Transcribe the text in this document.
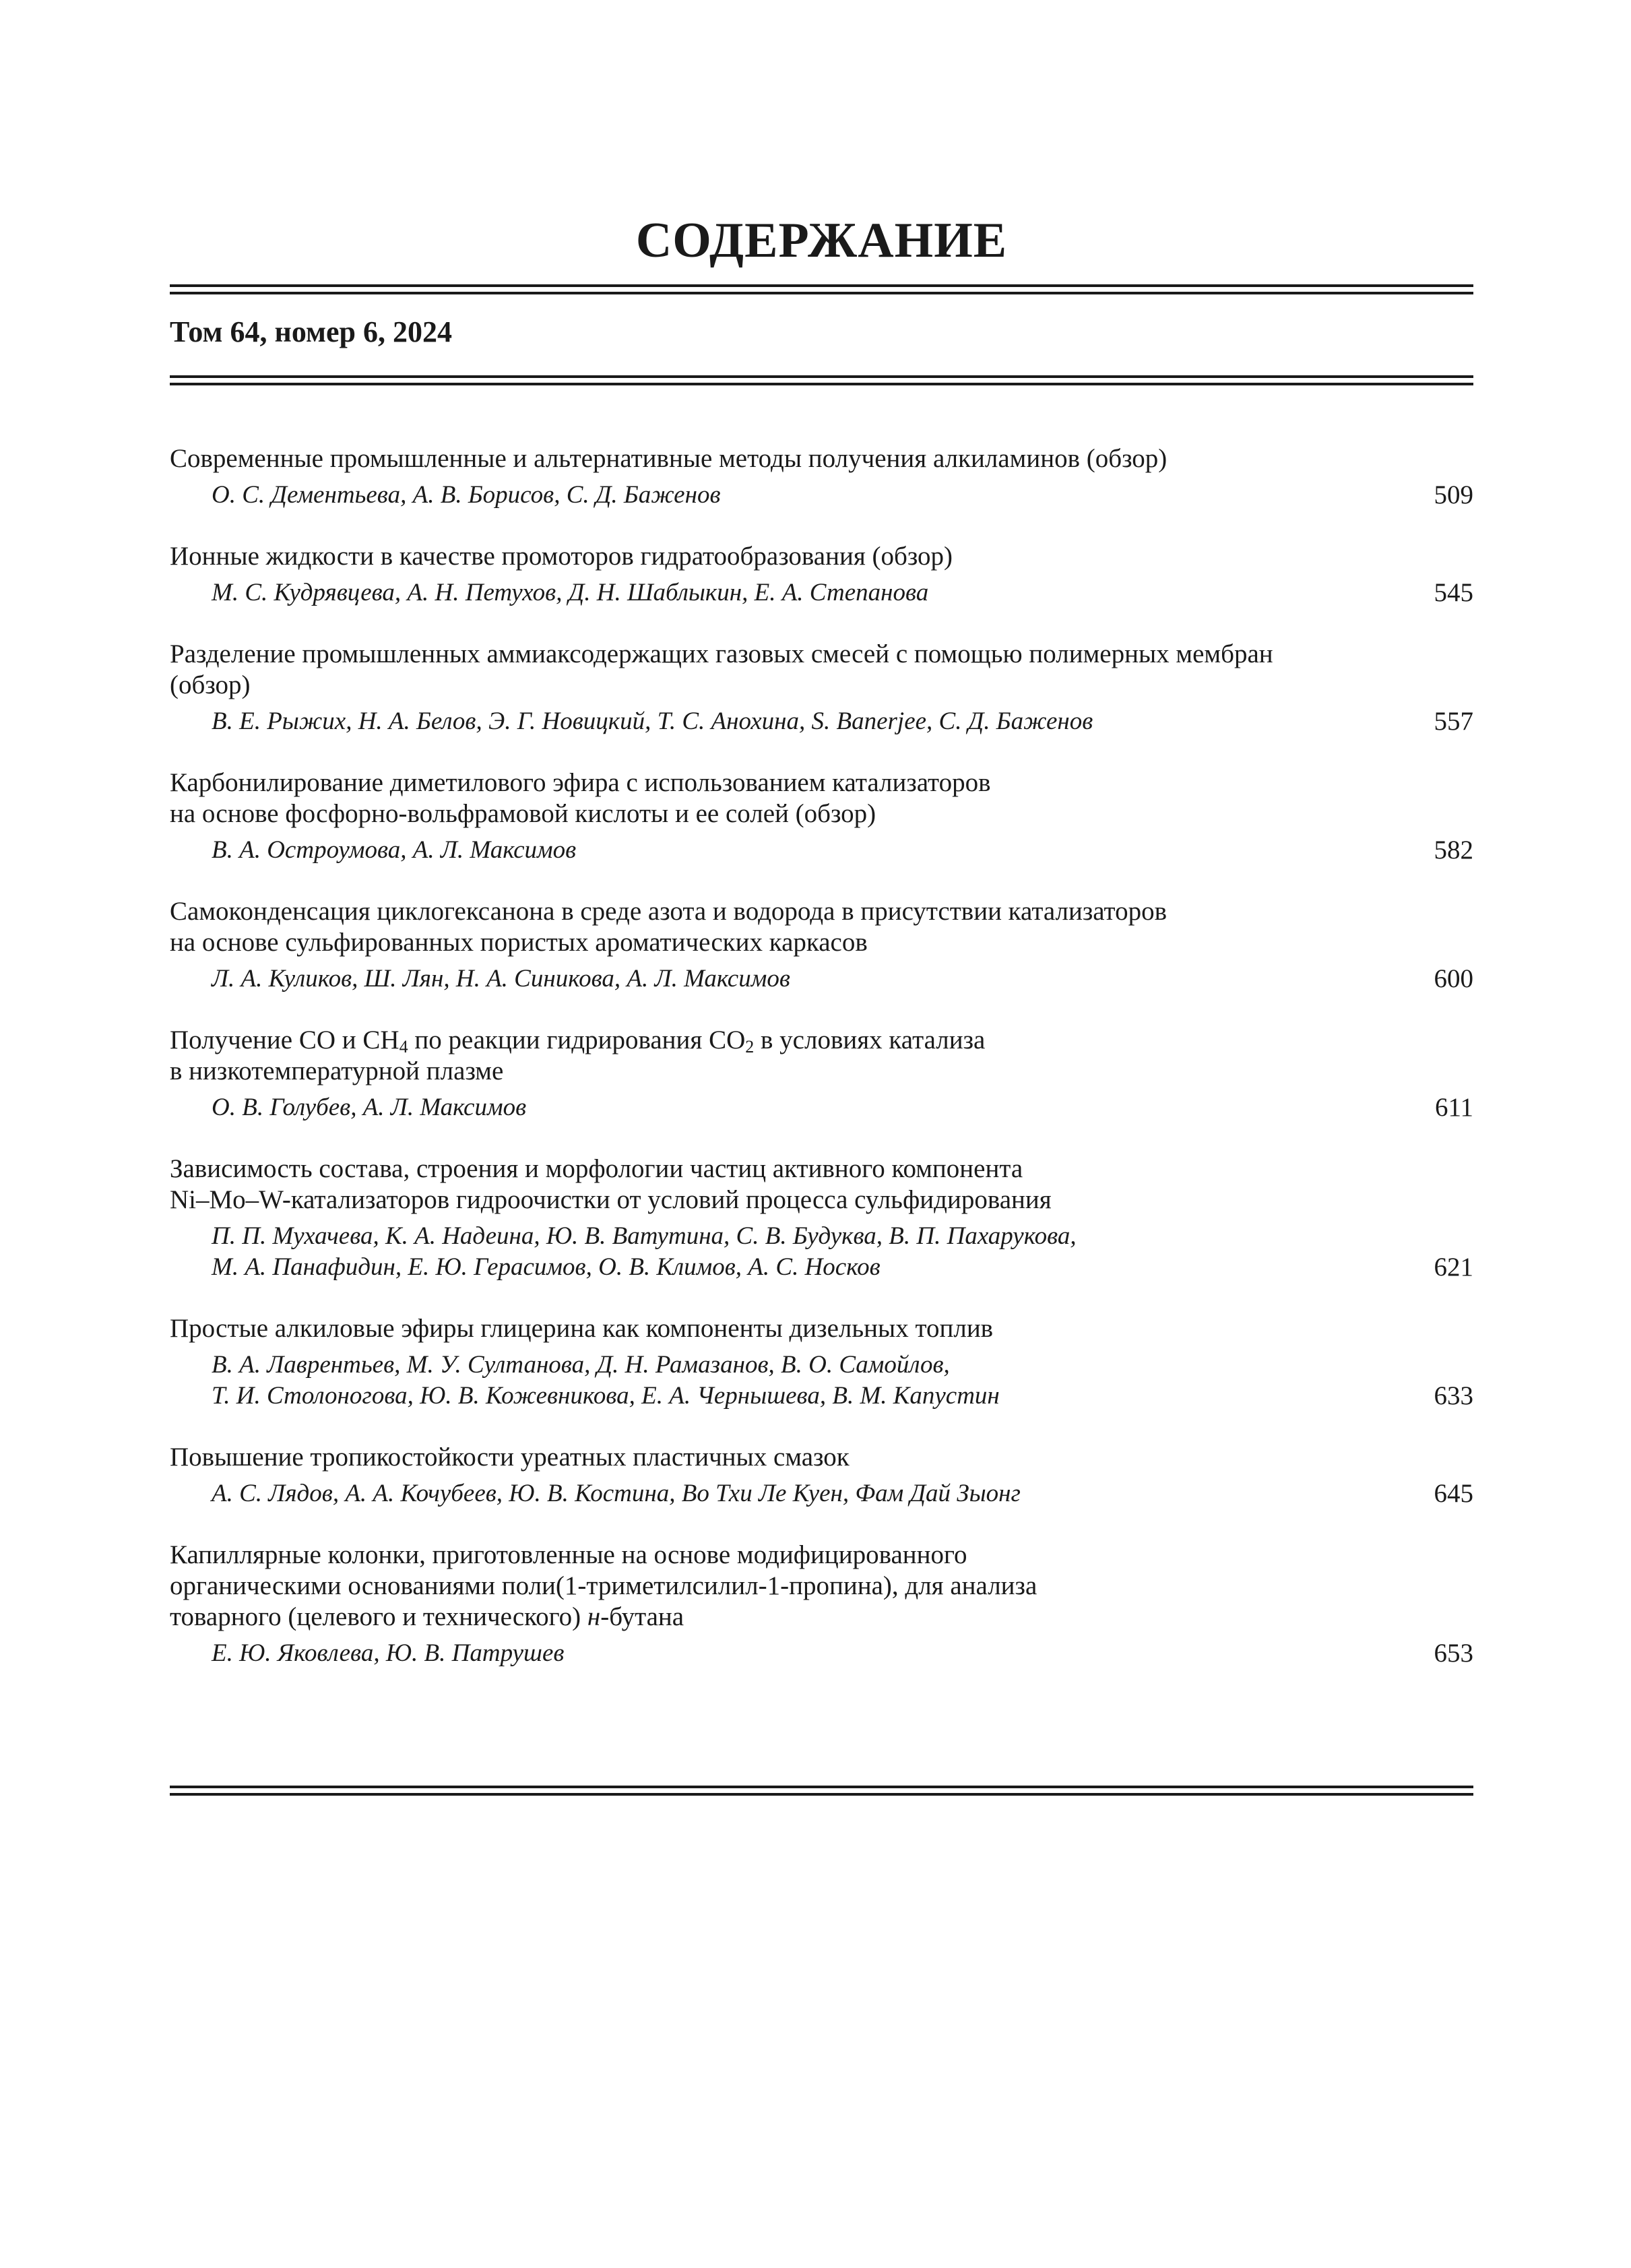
СОДЕРЖАНИЕ
Том 64, номер 6, 2024
Современные промышленные и альтернативные методы получения алкиламинов (обзор)
О. С. Дементьева, А. В. Борисов, С. Д. Баженов	509
Ионные жидкости в качестве промоторов гидратообразования (обзор)
М. С. Кудрявцева, А. Н. Петухов, Д. Н. Шаблыкин, Е. А. Степанова	545
Разделение промышленных аммиаксодержащих газовых смесей с помощью полимерных мембран
(обзор)
В. Е. Рыжих, Н. А. Белов, Э. Г. Новицкий, Т. С. Анохина, S. Banerjee, С. Д. Баженов	557
Карбонилирование диметилового эфира с использованием катализаторов
на основе фосфорно-вольфрамовой кислоты и ее солей (обзор)
В. А. Остроумова, А. Л. Максимов	582
Самоконденсация циклогексанона в среде азота и водорода в присутствии катализаторов
на основе сульфированных пористых ароматических каркасов
Л. А. Куликов, Ш. Лян, Н. А. Синикова, А. Л. Максимов	600
Получение СО и $СН_4$ по реакции гидрирования $СО_2$ в условиях катализа
в низкотемпературной плазме
О. В. Голубев, А. Л. Максимов	611
Зависимость состава, строения и морфологии частиц активного компонента
Ni–Mo–W-катализаторов гидроочистки от условий процесса сульфидирования
П. П. Мухачева, К. А. Надеина, Ю. В. Ватутина, С. В. Будуква, В. П. Пахарукова,
М. А. Панафидин, Е. Ю. Герасимов, О. В. Климов, А. С. Носков	621
Простые алкиловые эфиры глицерина как компоненты дизельных топлив
В. А. Лаврентьев, М. У. Султанова, Д. Н. Рамазанов, В. О. Самойлов,
Т. И. Столоногова, Ю. В. Кожевникова, Е. А. Чернышева, В. М. Капустин	633
Повышение тропикостойкости уреатных пластичных смазок
А. С. Лядов, А. А. Кочубеев, Ю. В. Костина, Во Тхи Ле Куен, Фам Дай Зыонг	645
Капиллярные колонки, приготовленные на основе модифицированного
органическими основаниями поли(1-триметилсилил-1-пропина), для анализа
товарного (целевого и технического) н-бутана
Е. Ю. Яковлева, Ю. В. Патрушев	653
